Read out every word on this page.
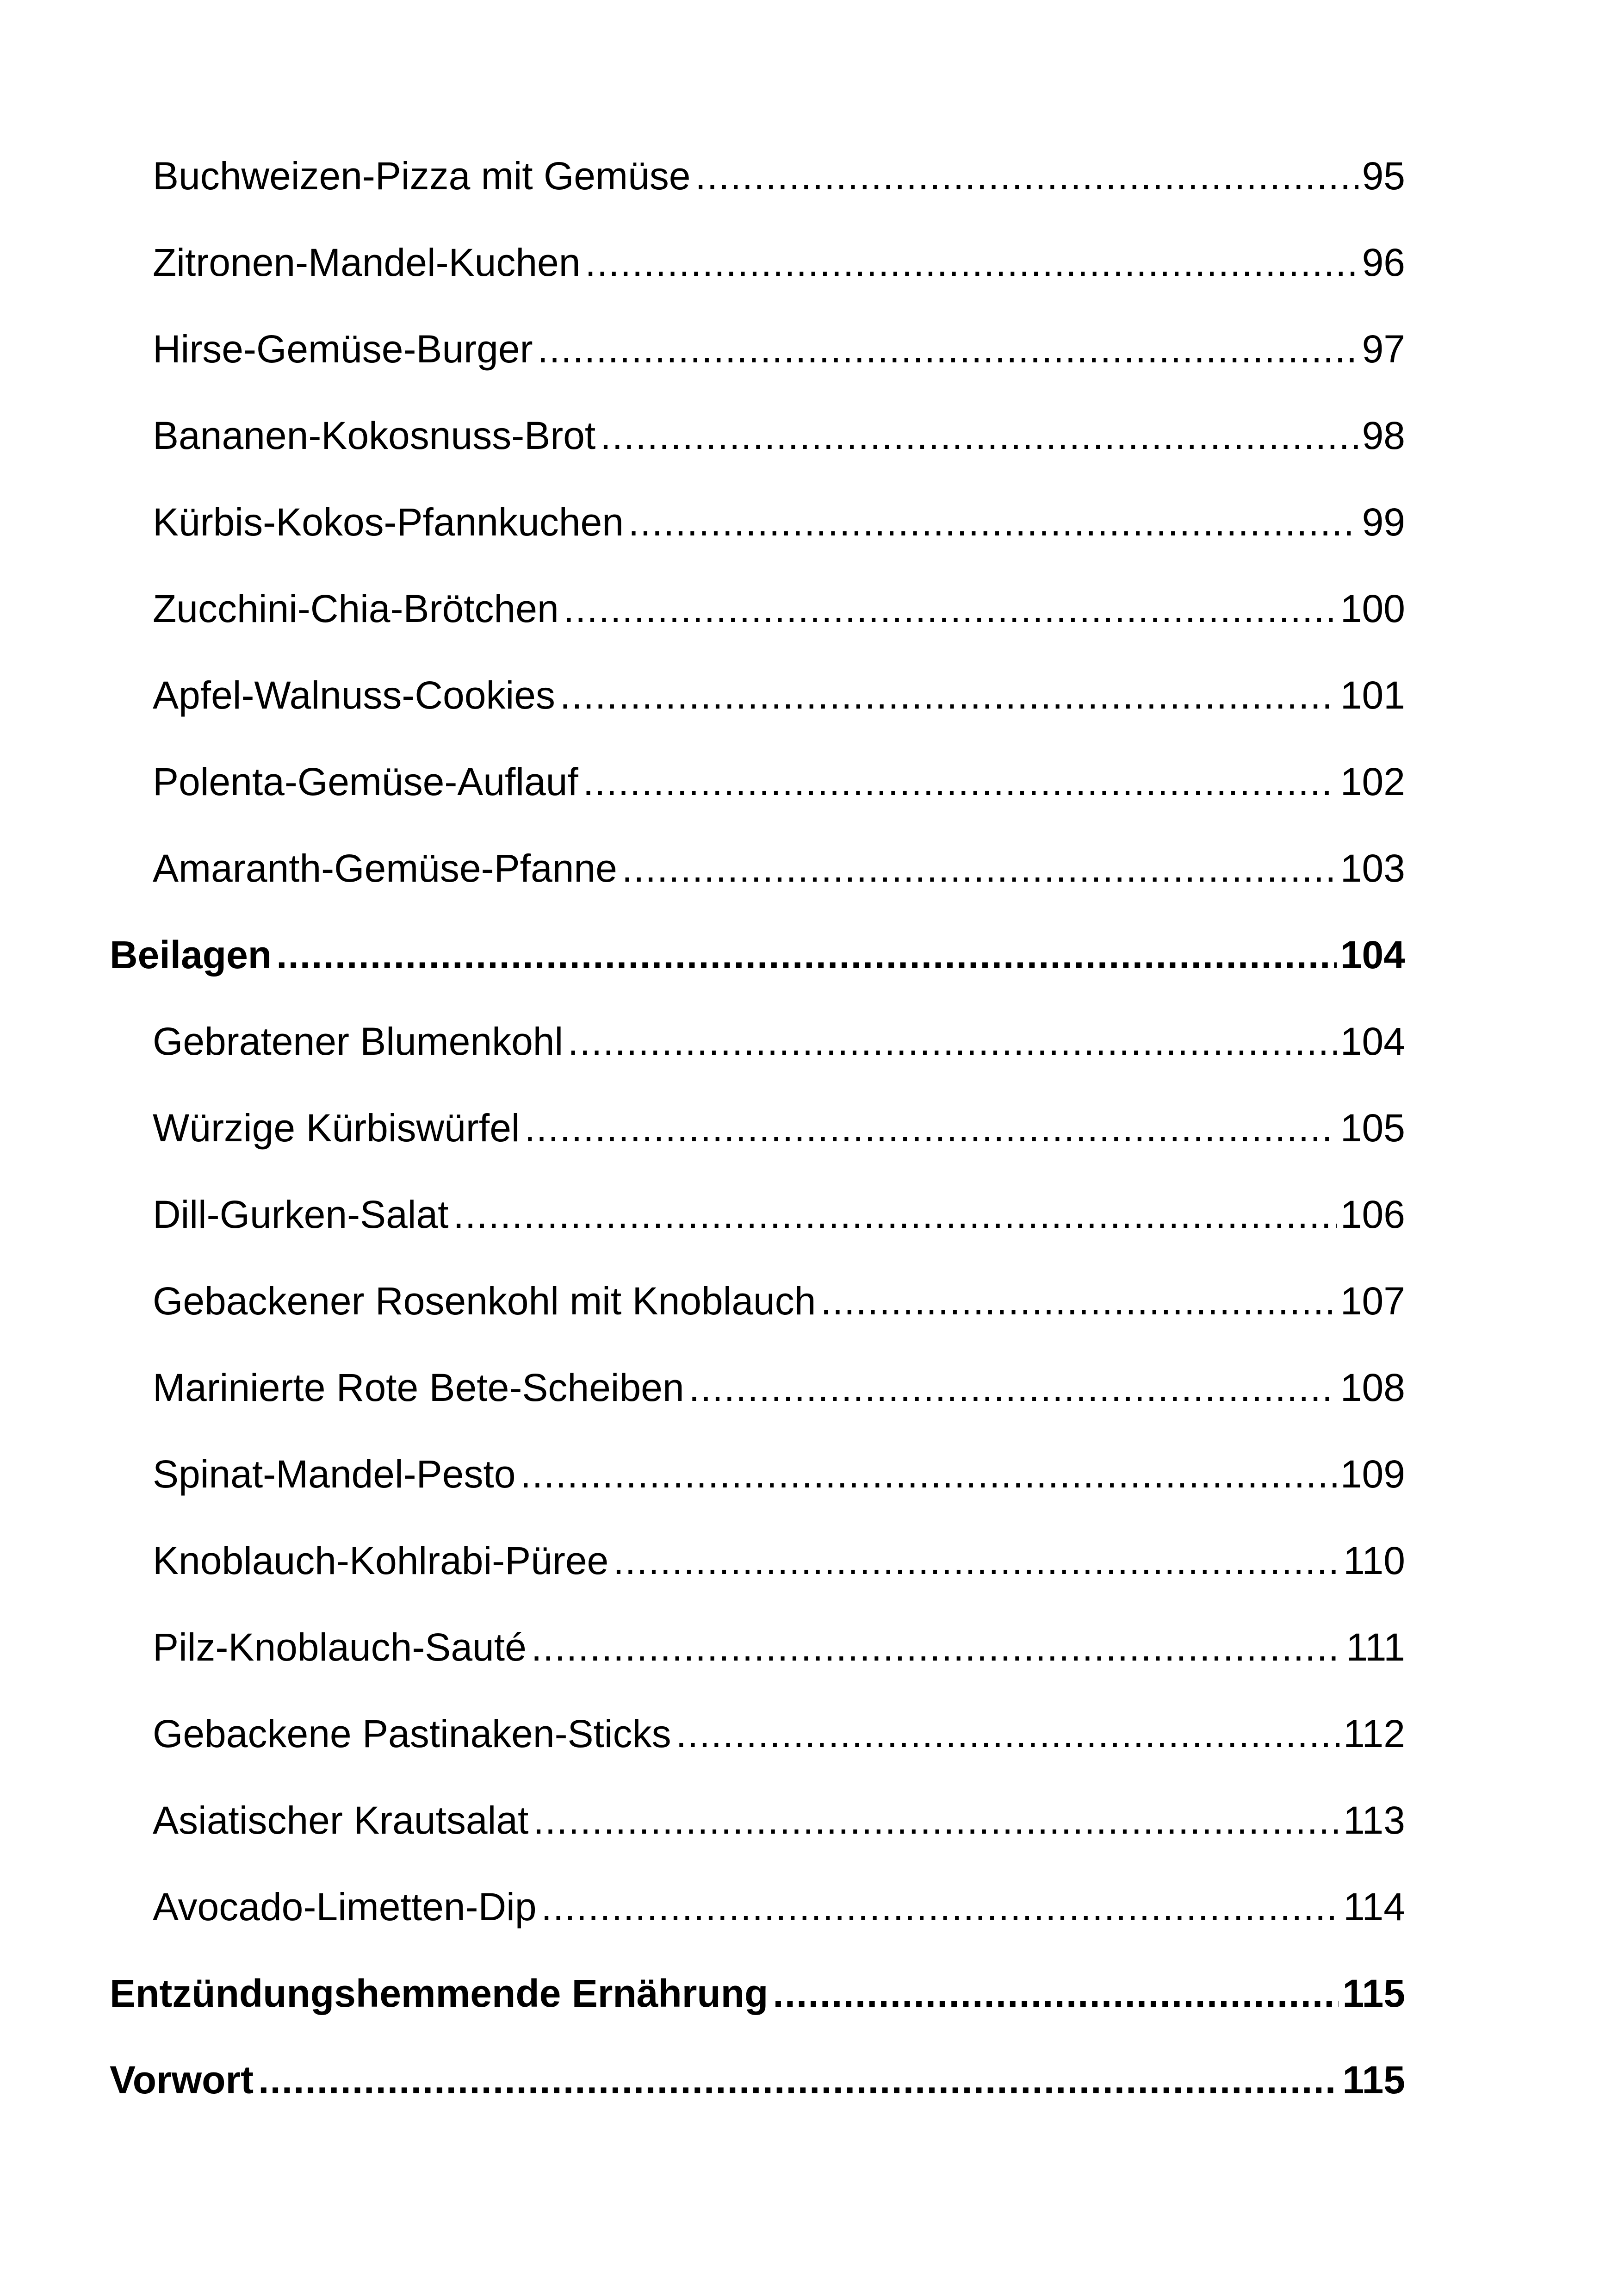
Buchweizen-Pizza mit Gemüse .....	95
Zitronen-Mandel-Kuchen .....	96
Hirse-Gemüse-Burger .....	97
Bananen-Kokosnuss-Brot .....	98
Kürbis-Kokos-Pfannkuchen .....	99
Zucchini-Chia-Brötchen .....	100
Apfel-Walnuss-Cookies .....	101
Polenta-Gemüse-Auflauf .....	102
Amaranth-Gemüse-Pfanne .....	103
Beilagen .....	104
Gebratener Blumenkohl .....	104
Würzige Kürbiswürfel .....	105
Dill-Gurken-Salat .....	106
Gebackener Rosenkohl mit Knoblauch .....	107
Marinierte Rote Bete-Scheiben .....	108
Spinat-Mandel-Pesto .....	109
Knoblauch-Kohlrabi-Püree .....	110
Pilz-Knoblauch-Sauté .....	111
Gebackene Pastinaken-Sticks .....	112
Asiatischer Krautsalat .....	113
Avocado-Limetten-Dip .....	114
Entzündungshemmende Ernährung .....	115
Vorwort .....	115
